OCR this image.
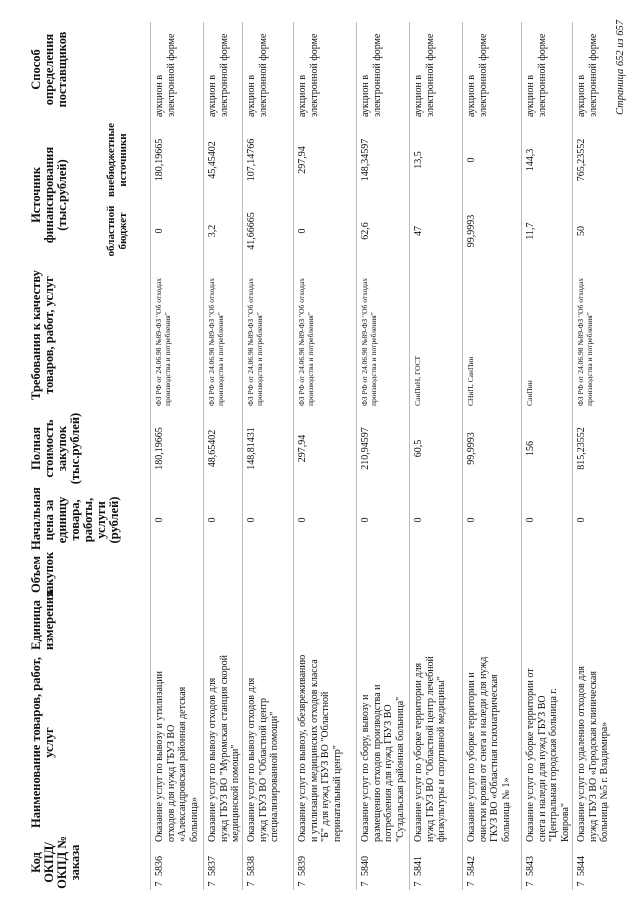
Код ОКПД/ ОКПД № заказа
Наименование товаров, работ, услуг
Единица измерения
Объем закупок
Начальная цена за единицу товара, работы, услуги (рублей)
Полная стоимость закупок (тыс.рублей)
Требования к качеству товаров, работ, услуг
Источник финансирования (тыс.рублей)
областной бюджет
внебюджетные источники
Способ определения поставщиков
7
5836
Оказание услуг по вывозу и утилизации отходов для нужд ГБУЗ ВО «Александровская районная детская больница»
0
180,19665
ФЗ РФ от 24.06.98 №89-ФЗ "Об отходах производства и потребления"
0
180,19665
аукцион в электронной форме
7
5837
Оказание услуг по вывозу отходов для нужд ГБУЗ ВО "Муромская станция скорой медицинской помощи"
0
48,65402
ФЗ РФ от 24.06.98 №89-ФЗ "Об отходах производства и потребления"
3,2
45,45402
аукцион в электронной форме
7
5838
Оказание услуг по вывозу отходов для нужд ГБУЗ ВО "Областной центр специализированной помощи"
0
148,81431
ФЗ РФ от 24.06.98 №89-ФЗ "Об отходах производства и потребления"
41,66665
107,14766
аукцион в электронной форме
7
5839
Оказание услуг по вывозу, обезвреживанию и утилизации медицинских отходов класса "Б" для нужд ГБУЗ ВО "Областной перинатальный центр"
0
297,94
ФЗ РФ от 24.06.98 №89-ФЗ "Об отходах производства и потребления"
0
297,94
аукцион в электронной форме
7
5840
Оказание услуг по сбору, вывозу и размещению отходов производства и потребления для нужд ГБУЗ ВО "Суздальская районная больница"
0
210,94597
ФЗ РФ от 24.06.98 №89-ФЗ "Об отходах производства и потребления"
62,6
148,34597
аукцион в электронной форме
7
5841
Оказание услуг по уборке территории для нужд ГБУЗ ВО "Областной центр лечебной физкультуры и спортивной медицины"
0
60,5
СанПиН, ГОСТ
47
13,5
аукцион в электронной форме
7
5842
Оказание услуг по уборке территории и очистки кровли от снега и наледи для нужд ГКУЗ ВО «Областная психиатрическая больница № 1»
0
99,9993
СНиП, СанПин
99,9993
0
аукцион в электронной форме
7
5843
Оказание услуг по уборке территории от снега и наледи для нужд ГБУЗ ВО "Центральная городская больница г. Коврова"
0
156
СанПин
11,7
144,3
аукцион в электронной форме
7
5844
Оказание услуг по удалению отходов для нужд ГБУЗ ВО «Городская клиническая больница №5 г. Владимира»
0
815,23552
ФЗ РФ от 24.06.98 №89-ФЗ "Об отходах производства и потребления"
50
765,23552
аукцион в электронной форме Страница 652 из 657
